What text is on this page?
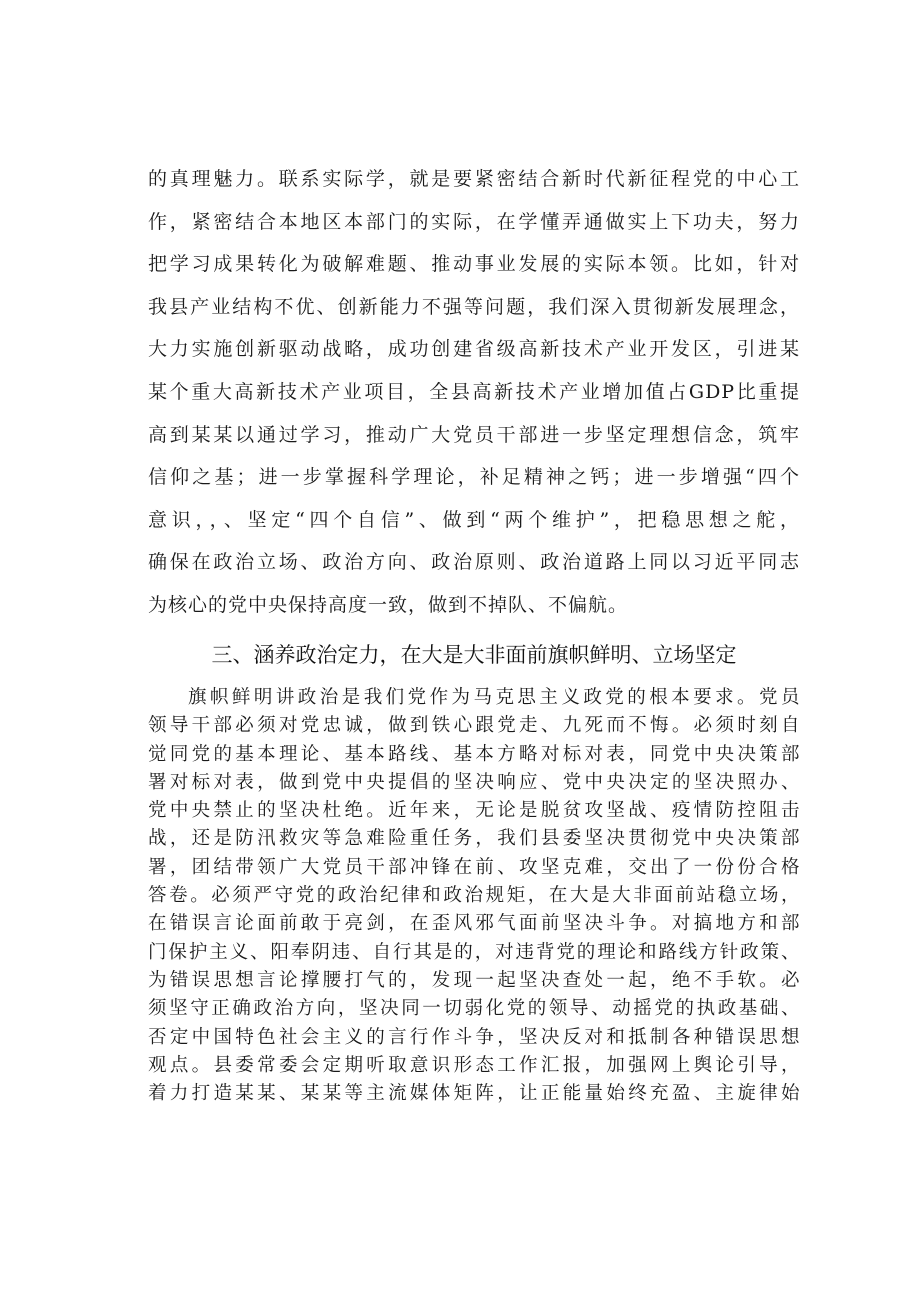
的真理魅力。联系实际学，就是要紧密结合新时代新征程党的中心工
作，紧密结合本地区本部门的实际，在学懂弄通做实上下功夫，努力
把学习成果转化为破解难题、推动事业发展的实际本领。比如，针对
我县产业结构不优、创新能力不强等问题，我们深入贯彻新发展理念，
大力实施创新驱动战略，成功创建省级高新技术产业开发区，引进某
某个重大高新技术产业项目，全县高新技术产业增加值占GDP比重提
高到某某以通过学习，推动广大党员干部进一步坚定理想信念，筑牢
信仰之基；进一步掌握科学理论，补足精神之钙；进一步增强“四个
意识，，、坚定“四个自信”、做到“两个维护”，把稳思想之舵，
确保在政治立场、政治方向、政治原则、政治道路上同以习近平同志
为核心的党中央保持高度一致，做到不掉队、不偏航。
三、涵养政治定力，在大是大非面前旗帜鲜明、立场坚定
旗帜鲜明讲政治是我们党作为马克思主义政党的根本要求。党员
领导干部必须对党忠诚，做到铁心跟党走、九死而不悔。必须时刻自
觉同党的基本理论、基本路线、基本方略对标对表，同党中央决策部
署对标对表，做到党中央提倡的坚决响应、党中央决定的坚决照办、
党中央禁止的坚决杜绝。近年来，无论是脱贫攻坚战、疫情防控阻击
战，还是防汛救灾等急难险重任务，我们县委坚决贯彻党中央决策部
署，团结带领广大党员干部冲锋在前、攻坚克难，交出了一份份合格
答卷。必须严守党的政治纪律和政治规矩，在大是大非面前站稳立场，
在错误言论面前敢于亮剑，在歪风邪气面前坚决斗争。对搞地方和部
门保护主义、阳奉阴违、自行其是的，对违背党的理论和路线方针政策、
为错误思想言论撑腰打气的，发现一起坚决查处一起，绝不手软。必
须坚守正确政治方向，坚决同一切弱化党的领导、动摇党的执政基础、
否定中国特色社会主义的言行作斗争，坚决反对和抵制各种错误思想
观点。县委常委会定期听取意识形态工作汇报，加强网上舆论引导，
着力打造某某、某某等主流媒体矩阵，让正能量始终充盈、主旋律始
